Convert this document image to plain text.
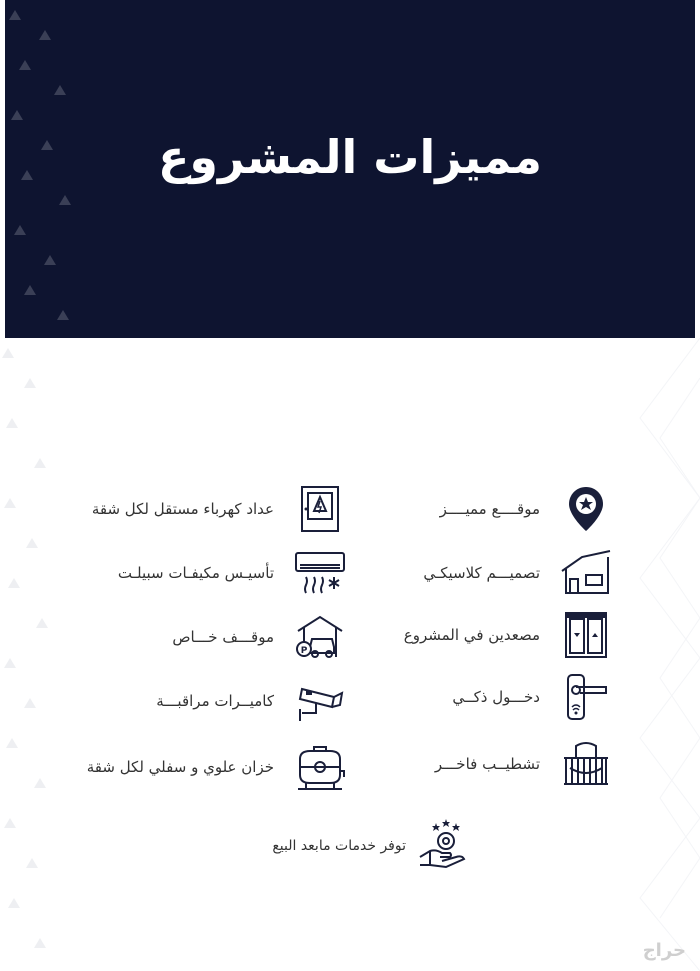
مميزات المشروع
موقــــع مميــــز
تصميـــم كلاسيكـي
مصعدين في المشروع
دخـــول ذكــي
تشطيــب فاخـــر
عداد كهرباء مستقل لكل شقة
تأسيـس مكيفـات سبيلـت
P
موقـــف خـــاص
كاميــرات مراقبـــة
خزان علوي و سفلي لكل شقة
توفر خدمات مابعد البيع
حراج
